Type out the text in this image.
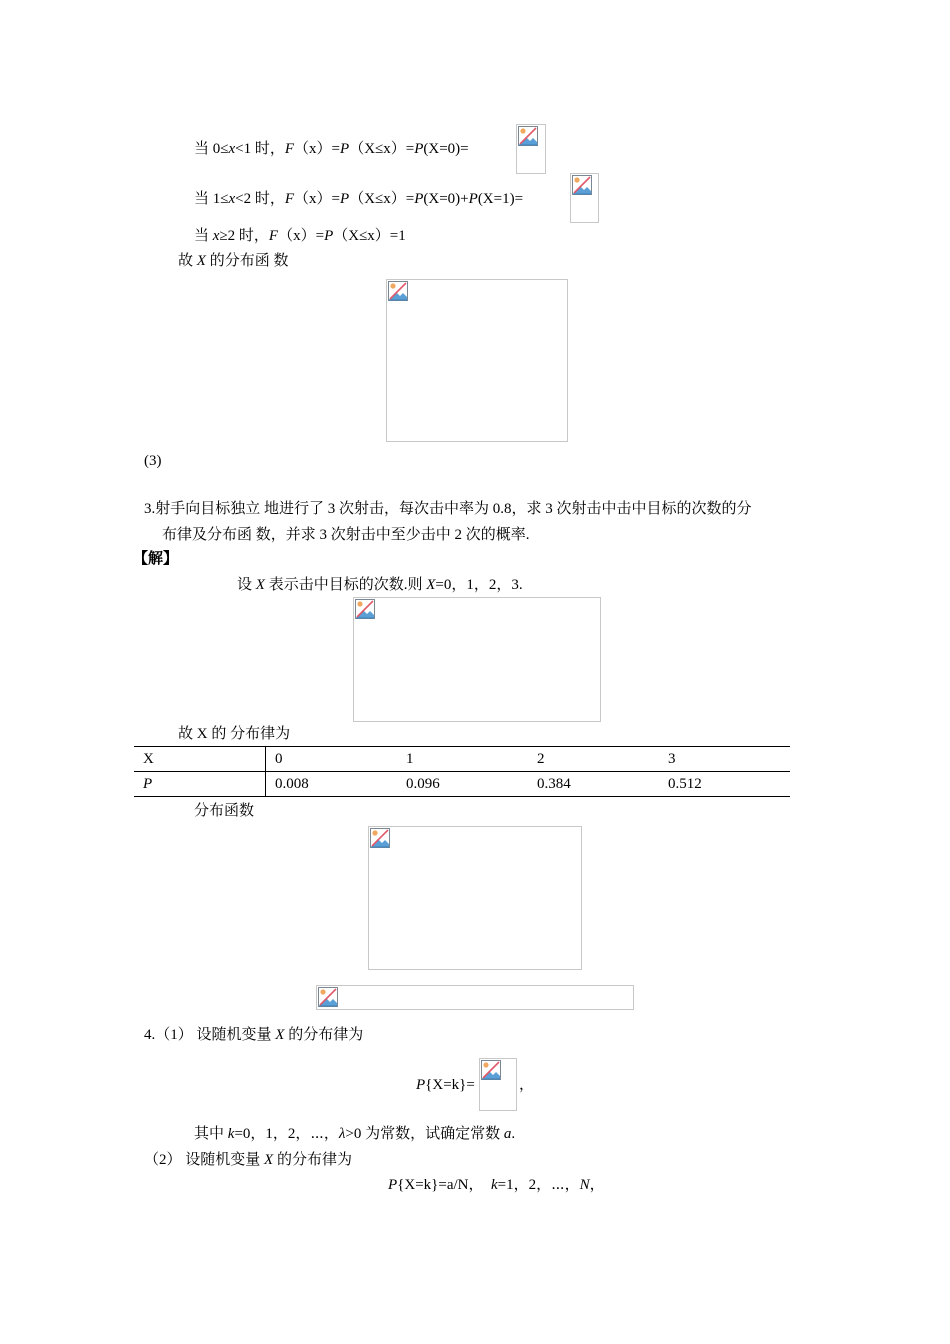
当 0≤x<1 时，F（x）=P（X≤x）=P(X=0)=
当 1≤x<2 时，F（x）=P（X≤x）=P(X=0)+P(X=1)=
当 x≥2 时，F（x）=P（X≤x）=1
故 X 的分布函 数
(3)
3.射手向目标独立 地进行了 3 次射击，每次击中率为 0.8，求 3 次射击中击中目标的次数的分
布律及分布函 数，并求 3 次射击中至少击中 2 次的概率.
【解】
设 X 表示击中目标的次数.则 X=0，1，2，3.
故 X 的 分布律为
X	0	1	2	3
P	0.008	0.096	0.384	0.512
分布函数
4.（1） 设随机变量 X 的分布律为
P{X=k}=	，
其中 k=0，1，2，⋯，λ>0 为常数，试确定常数 a.
（2） 设随机变量 X 的分布律为
P{X=k}=a/N， k=1，2，⋯，N，
